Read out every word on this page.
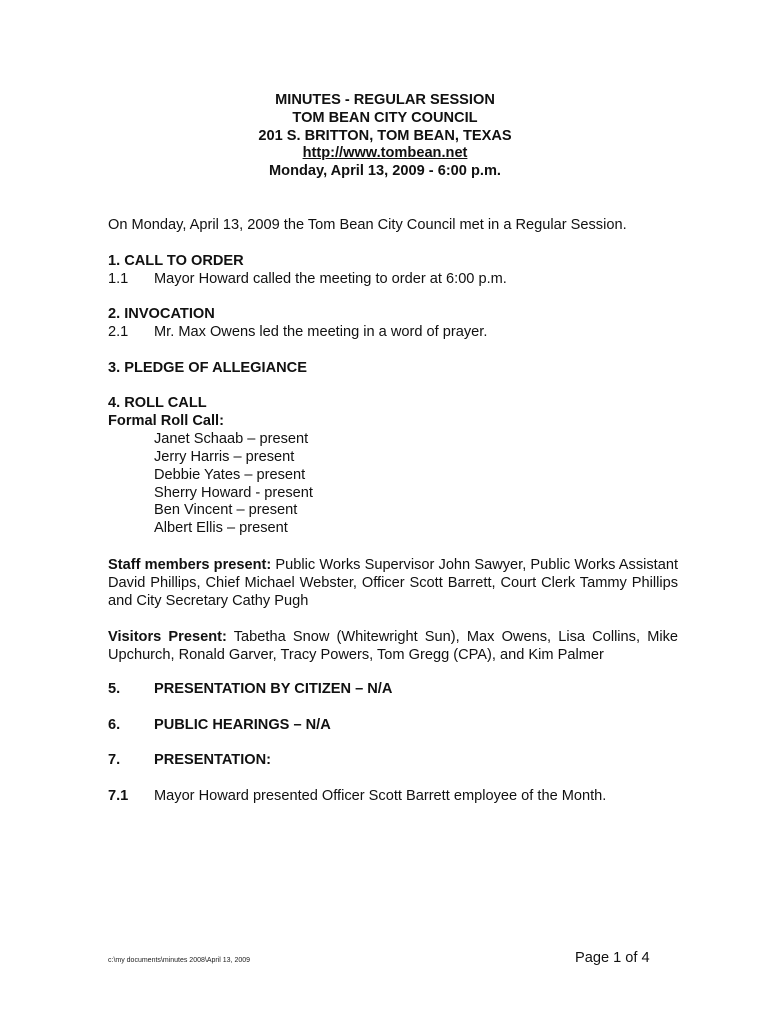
MINUTES - REGULAR SESSION
TOM BEAN CITY COUNCIL
201 S. BRITTON, TOM BEAN, TEXAS
http://www.tombean.net
Monday, April 13, 2009 - 6:00 p.m.
On Monday, April 13, 2009 the Tom Bean City Council met in a Regular Session.
1. CALL TO ORDER
1.1 Mayor Howard called the meeting to order at 6:00 p.m.
2. INVOCATION
2.1 Mr. Max Owens led the meeting in a word of prayer.
3. PLEDGE OF ALLEGIANCE
4. ROLL CALL
Formal Roll Call:
Janet Schaab – present
Jerry Harris – present
Debbie Yates – present
Sherry Howard - present
Ben Vincent – present
Albert Ellis – present
Staff members present: Public Works Supervisor John Sawyer, Public Works Assistant David Phillips, Chief Michael Webster, Officer Scott Barrett, Court Clerk Tammy Phillips and City Secretary Cathy Pugh
Visitors Present: Tabetha Snow (Whitewright Sun), Max Owens, Lisa Collins, Mike Upchurch, Ronald Garver, Tracy Powers, Tom Gregg (CPA), and Kim Palmer
5. PRESENTATION BY CITIZEN – N/A
6. PUBLIC HEARINGS – N/A
7. PRESENTATION:
7.1 Mayor Howard presented Officer Scott Barrett employee of the Month.
c:\my documents\minutes 2008\April 13, 2009	Page 1 of 4
